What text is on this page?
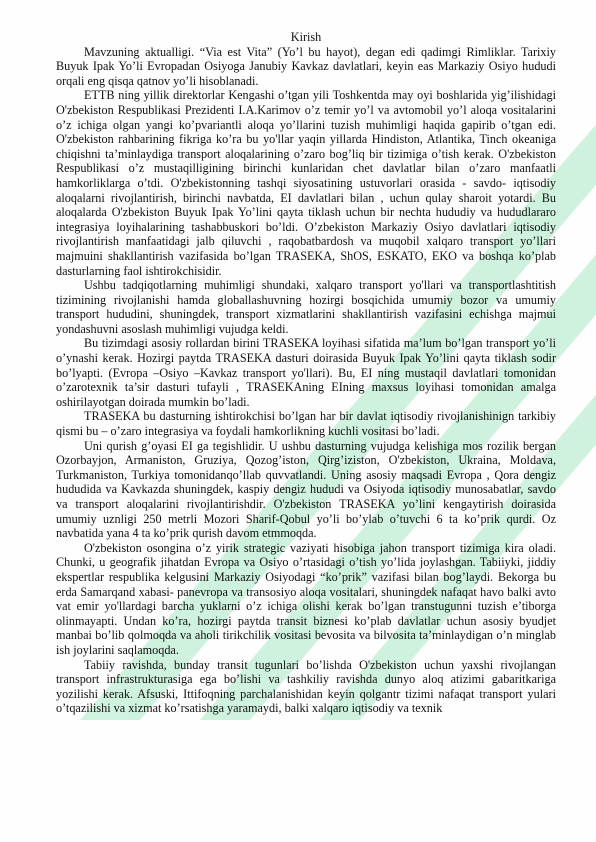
Kirish

Mavzuning aktualligi. “Via est Vita” (Yo’l bu hayot), degan edi qadimgi Rimliklar. Tarixiy Buyuk Ipak Yo’li Evropadan Osiyoga Janubiy Kavkaz davlatlari, keyin eas Markaziy Osiyo hududi orqali eng qisqa qatnov yo’li hisoblanadi.

ETTB ning yillik direktorlar Kengashi o’tgan yili Toshkentda may oyi boshlarida yig’ilishidagi O'zbekiston Respublikasi Prezidenti I.A.Karimov o’z temir yo’l va avtomobil yo’l aloqa vositalarini o’z ichiga olgan yangi ko’pvariantli aloqa yo’llarini tuzish muhimligi haqida gapirib o’tgan edi. O'zbekiston rahbarining fikriga ko’ra bu yo'llar yaqin yillarda Hindiston, Atlantika, Tinch okeaniga chiqishni ta’minlaydiga transport aloqalarining o’zaro bog’liq bir tizimiga o’tish kerak. O'zbekiston Respublikasi o’z mustaqilligining birinchi kunlaridan chet davlatlar bilan o’zaro manfaatli hamkorliklarga o’tdi. O'zbekistonning tashqi siyosatining ustuvorlari orasida - savdo- iqtisodiy aloqalarni rivojlantirish, birinchi navbatda, EI davlatlari bilan , uchun qulay sharoit yotardi. Bu aloqalarda O'zbekiston Buyuk Ipak Yo’lini qayta tiklash uchun bir nechta hududiy va hududlararo integrasiya loyihalarining tashabbuskori bo’ldi. O’zbekiston Markaziy Osiyo davlatlari iqtisodiy rivojlantirish manfaatidagi jalb qiluvchi , raqobatbardosh va muqobil xalqaro transport yo’llari majmuini shakllantirish vazifasida bo’lgan TRASEKA, ShOS, ESKATO, EKO va boshqa ko’plab dasturlarning faol ishtirokchisidir.

Ushbu tadqiqotlarning muhimligi shundaki, xalqaro transport yo'llari va transportlashtitish tizimining rivojlanishi hamda globallashuvning hozirgi bosqichida umumiy bozor va umumiy transport hududini, shuningdek, transport xizmatlarini shakllantirish vazifasini echishga majmui yondashuvni asoslash muhimligi vujudga keldi.

Bu tizimdagi asosiy rollardan birini TRASEKA loyihasi sifatida ma’lum bo’lgan transport yo’li o’ynashi kerak. Hozirgi paytda TRASEKA dasturi doirasida Buyuk Ipak Yo’lini qayta tiklash sodir bo’lyapti. (Evropa –Osiyo –Kavkaz transport yo'llari). Bu, EI ning mustaqil davlatlari tomonidan o’zarotexnik ta’sir dasturi tufayli , TRASEKAning EIning maxsus loyihasi tomonidan amalga oshirilayotgan doirada mumkin bo’ladi.

TRASEKA bu dasturning ishtirokchisi bo’lgan har bir davlat iqtisodiy rivojlanishinign tarkibiy qismi bu – o’zaro integrasiya va foydali hamkorlikning kuchli vositasi bo’ladi.

Uni qurish g’oyasi EI ga tegishlidir. U ushbu dasturning vujudga kelishiga mos rozilik bergan Ozorbayjon, Armaniston, Gruziya, Qozog’iston, Qirg’iziston, O'zbekiston, Ukraina, Moldava, Turkmaniston, Turkiya tomonidanqo’llab quvvatlandi. Uning asosiy maqsadi Evropa , Qora dengiz hududida va Kavkazda shuningdek, kaspiy dengiz hududi va Osiyoda iqtisodiy munosabatlar, savdo va transport aloqalarini rivojlantirishdir. O'zbekiston TRASEKA yo’lini kengaytirish doirasida umumiy uznligi 250 metrli Mozori Sharif-Qobul yo’li bo’ylab o’tuvchi 6 ta ko’prik qurdi. Oz navbatida yana 4 ta ko’prik qurish davom etmmoqda.

O'zbekiston osongina o’z yirik strategic vaziyati hisobiga jahon transport tizimiga kira oladi. Chunki, u geografik jihatdan Evropa va Osiyo o’rtasidagi o’tish yo’lida joylashgan. Tabiiyki, jiddiy ekspertlar respublika kelgusini Markaziy Osiyodagi “ko’prik” vazifasi bilan bog’laydi. Bekorga bu erda Samarqand xabasi- panevropa va transosiyo aloqa vositalari, shuningdek nafaqat havo balki avto vat emir yo'llardagi barcha yuklarni o’z ichiga olishi kerak bo’lgan transtugunni tuzish e’tiborga olinmayapti. Undan ko’ra, hozirgi paytda transit biznesi ko’plab davlatlar uchun asosiy byudjet manbai bo’lib qolmoqda va aholi tirikchilik vositasi bevosita va bilvosita ta’minlaydigan o’n minglab ish joylarini saqlamoqda.

Tabiiy ravishda, bunday transit tugunlari bo’lishda O'zbekiston uchun yaxshi rivojlangan transport infrastrukturasiga ega bo’lishi va tashkiliy ravishda dunyo aloq atizimi gabaritkariga yozilishi kerak. Afsuski, Ittifoqning parchalanishidan keyin qolgantr tizimi nafaqat transport yulari o’tqazilishi va xizmat ko’rsatishga yaramaydi, balki xalqaro iqtisodiy va texnik
